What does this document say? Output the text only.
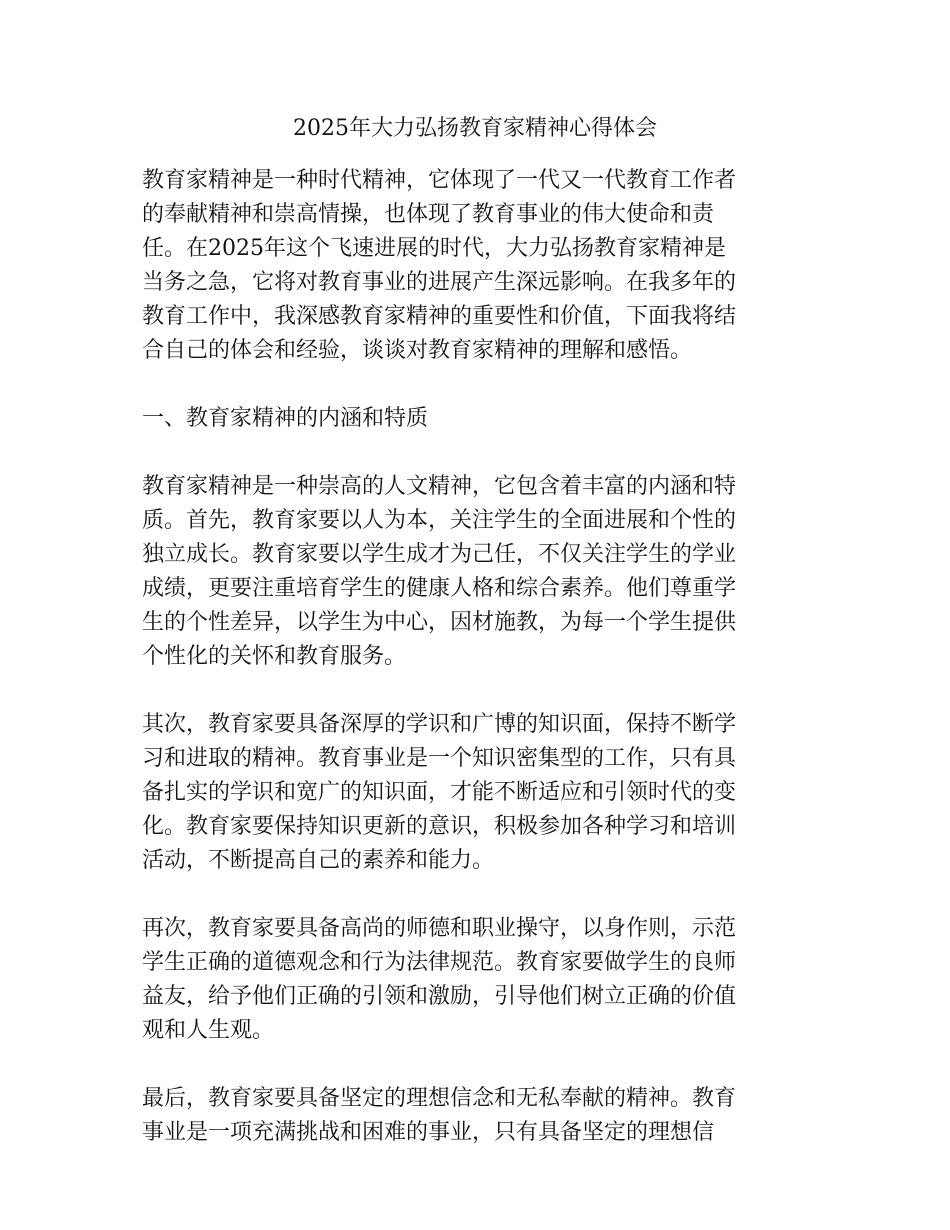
2025年大力弘扬教育家精神心得体会

教育家精神是一种时代精神，它体现了一代又一代教育工作者
的奉献精神和崇高情操，也体现了教育事业的伟大使命和责
任。在2025年这个飞速进展的时代，大力弘扬教育家精神是
当务之急，它将对教育事业的进展产生深远影响。在我多年的
教育工作中，我深感教育家精神的重要性和价值，下面我将结
合自己的体会和经验，谈谈对教育家精神的理解和感悟。

一、教育家精神的内涵和特质

教育家精神是一种崇高的人文精神，它包含着丰富的内涵和特
质。首先，教育家要以人为本，关注学生的全面进展和个性的
独立成长。教育家要以学生成才为己任，不仅关注学生的学业
成绩，更要注重培育学生的健康人格和综合素养。他们尊重学
生的个性差异，以学生为中心，因材施教，为每一个学生提供
个性化的关怀和教育服务。

其次，教育家要具备深厚的学识和广博的知识面，保持不断学
习和进取的精神。教育事业是一个知识密集型的工作，只有具
备扎实的学识和宽广的知识面，才能不断适应和引领时代的变
化。教育家要保持知识更新的意识，积极参加各种学习和培训
活动，不断提高自己的素养和能力。

再次，教育家要具备高尚的师德和职业操守，以身作则，示范
学生正确的道德观念和行为法律规范。教育家要做学生的良师
益友，给予他们正确的引领和激励，引导他们树立正确的价值
观和人生观。

最后，教育家要具备坚定的理想信念和无私奉献的精神。教育
事业是一项充满挑战和困难的事业，只有具备坚定的理想信
